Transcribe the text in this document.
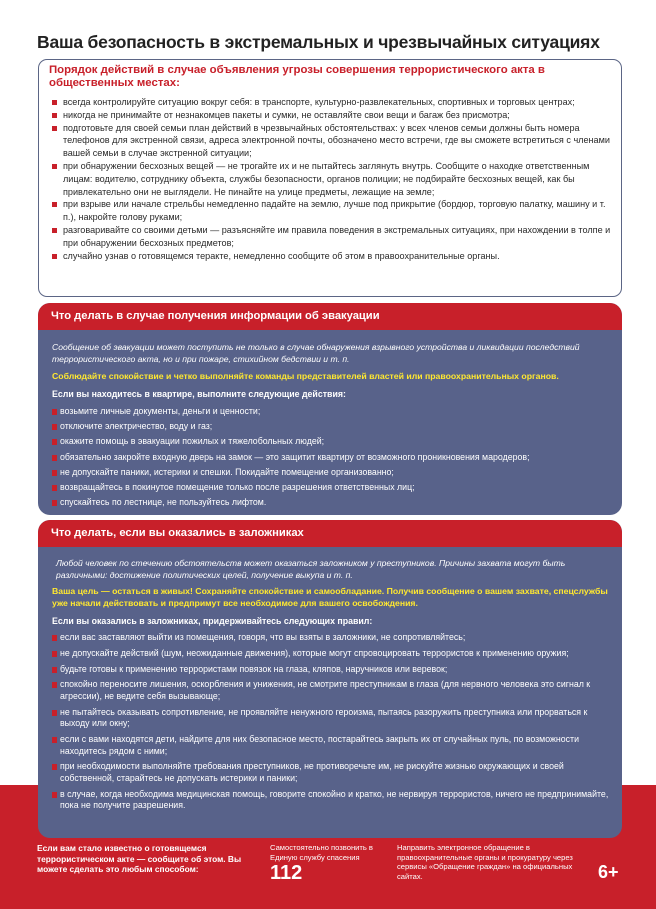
Ваша безопасность в экстремальных и чрезвычайных ситуациях
Порядок действий в случае объявления угрозы совершения террористического акта в общественных местах:
всегда контролируйте ситуацию вокруг себя: в транспорте, культурно-развлекательных, спортивных и торговых центрах;
никогда не принимайте от незнакомцев пакеты и сумки, не оставляйте свои вещи и багаж без присмотра;
подготовьте для своей семьи план действий в чрезвычайных обстоятельствах: у всех членов семьи должны быть номера телефонов для экстренной связи, адреса электронной почты, обозначено место встречи, где вы сможете встретиться с членами вашей семьи в случае экстренной ситуации;
при обнаружении бесхозных вещей — не трогайте их и не пытайтесь заглянуть внутрь. Сообщите о находке ответственным лицам: водителю, сотруднику объекта, службы безопасности, органов полиции; не подбирайте бесхозных вещей, как бы привлекательно они не выглядели. Не пинайте на улице предметы, лежащие на земле;
при взрыве или начале стрельбы немедленно падайте на землю, лучше под прикрытие (бордюр, торговую палатку, машину и т. п.), накройте голову руками;
разговаривайте со своими детьми — разъясняйте им правила поведения в экстремальных ситуациях, при нахождении в толпе и при обнаружении бесхозных предметов;
случайно узнав о готовящемся теракте, немедленно сообщите об этом в правоохранительные органы.
Что делать в случае получения информации об эвакуации

Сообщение об эвакуации может поступить не только в случае обнаружения взрывного устройства и ликвидации последствий террористического акта, но и при пожаре, стихийном бедствии и т. п.

Соблюдайте спокойствие и четко выполняйте команды представителей властей или правоохранительных органов.

Если вы находитесь в квартире, выполните следующие действия:

возьмите личные документы, деньги и ценности;
отключите электричество, воду и газ;
окажите помощь в эвакуации пожилых и тяжелобольных людей;
обязательно закройте входную дверь на замок — это защитит квартиру от возможного проникновения мародеров;
не допускайте паники, истерики и спешки. Покидайте помещение организованно;
возвращайтесь в покинутое помещение только после разрешения ответственных лиц;
спускайтесь по лестнице, не пользуйтесь лифтом.
Что делать, если вы оказались в заложниках

Любой человек по стечению обстоятельств может оказаться заложником у преступников. Причины захвата могут быть различными: достижение политических целей, получение выкупа и т. п.

Ваша цель — остаться в живых! Сохраняйте спокойствие и самообладание. Получив сообщение о вашем захвате, спецслужбы уже начали действовать и предпримут все необходимое для вашего освобождения.

Если вы оказались в заложниках, придерживайтесь следующих правил:

если вас заставляют выйти из помещения, говоря, что вы взяты в заложники, не сопротивляйтесь;
не допускайте действий (шум, неожиданные движения), которые могут спровоцировать террористов к применению оружия;
будьте готовы к применению террористами повязок на глаза, кляпов, наручников или веревок;
спокойно переносите лишения, оскорбления и унижения, не смотрите преступникам в глаза (для нервного человека это сигнал к агрессии), не ведите себя вызывающе;
не пытайтесь оказывать сопротивление, не проявляйте ненужного героизма, пытаясь разоружить преступника или прорваться к выходу или окну;
если с вами находятся дети, найдите для них безопасное место, постарайтесь закрыть их от случайных пуль, по возможности находитесь рядом с ними;
при необходимости выполняйте требования преступников, не противоречьте им, не рискуйте жизнью окружающих и своей собственной, старайтесь не допускать истерики и паники;
в случае, когда необходима медицинская помощь, говорите спокойно и кратко, не нервируя террористов, ничего не предпринимайте, пока не получите разрешения.
Если вам стало известно о готовящемся террористическом акте — сообщите об этом. Вы можете сделать это любым способом:
Самостоятельно позвонить в Единую службу спасения
112
Направить электронное обращение в правоохранительные органы и прокуратуру через сервисы «Обращение граждан» на официальных сайтах.	6+
